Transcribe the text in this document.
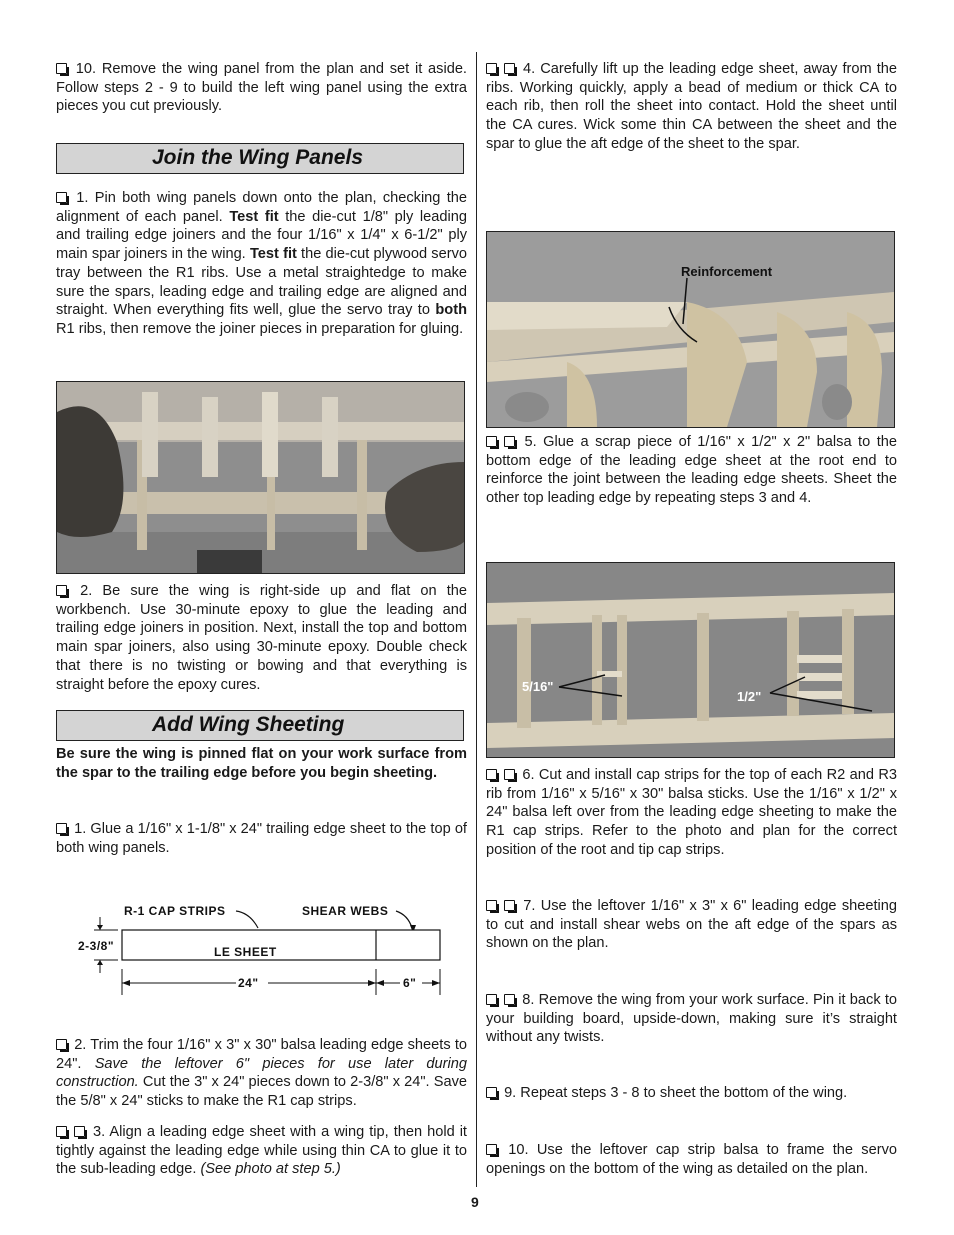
10. Remove the wing panel from the plan and set it aside. Follow steps 2 - 9 to build the left wing panel using the extra pieces you cut previously.

Join the Wing Panels

1. Pin both wing panels down onto the plan, checking the alignment of each panel. Test fit the die-cut 1/8" ply leading and trailing edge joiners and the four 1/16" x 1/4" x 6-1/2" ply main spar joiners in the wing. Test fit the die-cut plywood servo tray between the R1 ribs. Use a metal straightedge to make sure the spars, leading edge and trailing edge are aligned and straight. When everything fits well, glue the servo tray to both R1 ribs, then remove the joiner pieces in preparation for gluing.

2. Be sure the wing is right-side up and flat on the workbench. Use 30-minute epoxy to glue the leading and trailing edge joiners in position. Next, install the top and bottom main spar joiners, also using 30-minute epoxy. Double check that there is no twisting or bowing and that everything is straight before the epoxy cures.

Add Wing Sheeting

Be sure the wing is pinned flat on your work surface from the spar to the trailing edge before you begin sheeting.

1. Glue a 1/16" x 1-1/8" x 24" trailing edge sheet to the top of both wing panels.

R-1 CAP STRIPS	SHEAR WEBS
LE SHEET
2-3/8"
24"	6"

2. Trim the four 1/16" x 3" x 30" balsa leading edge sheets to 24". Save the leftover 6" pieces for use later during construction. Cut the 3" x 24" pieces down to 2-3/8" x 24". Save the 5/8" x 24" sticks to make the R1 cap strips.

3. Align a leading edge sheet with a wing tip, then hold it tightly against the leading edge while using thin CA to glue it to the sub-leading edge. (See photo at step 5.)

4. Carefully lift up the leading edge sheet, away from the ribs. Working quickly, apply a bead of medium or thick CA to each rib, then roll the sheet into contact. Hold the sheet until the CA cures. Wick some thin CA between the sheet and the spar to glue the aft edge of the sheet to the spar.

Reinforcement

5. Glue a scrap piece of 1/16" x 1/2" x 2" balsa to the bottom edge of the leading edge sheet at the root end to reinforce the joint between the leading edge sheets. Sheet the other top leading edge by repeating steps 3 and 4.

5/16"
1/2"

6. Cut and install cap strips for the top of each R2 and R3 rib from 1/16" x 5/16" x 30" balsa sticks. Use the 1/16" x 1/2" x 24" balsa left over from the leading edge sheeting to make the R1 cap strips. Refer to the photo and plan for the correct position of the root and tip cap strips.

7. Use the leftover 1/16" x 3" x 6" leading edge sheeting to cut and install shear webs on the aft edge of the spars as shown on the plan.

8. Remove the wing from your work surface. Pin it back to your building board, upside-down, making sure it’s straight without any twists.

9. Repeat steps 3 - 8 to sheet the bottom of the wing.

10. Use the leftover cap strip balsa to frame the servo openings on the bottom of the wing as detailed on the plan.

9
